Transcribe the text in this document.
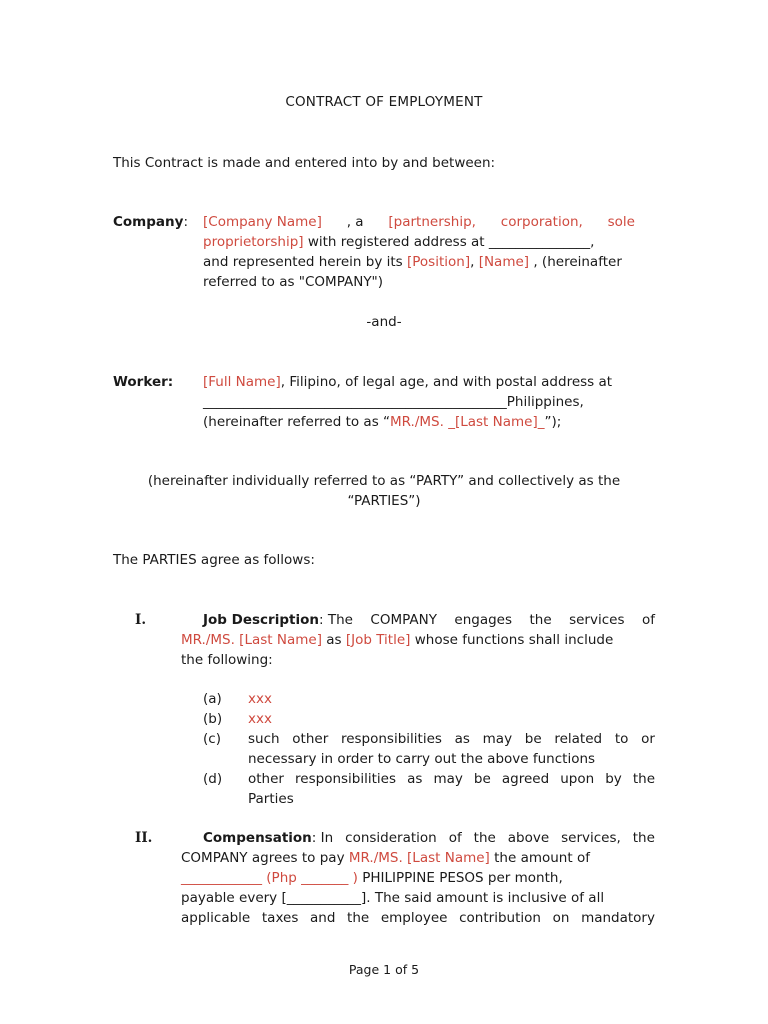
CONTRACT OF EMPLOYMENT
This Contract is made and entered into by and between:
Company: [Company Name] , a [partnership, corporation, sole
proprietorship] with registered address at _______________,
and represented herein by its [Position], [Name] , (hereinafter
referred to as "COMPANY")
-and-
Worker: [Full Name], Filipino, of legal age, and with postal address at
_____________________________________________Philippines,
(hereinafter referred to as “MR./MS. _[Last Name]_”);
(hereinafter individually referred to as “PARTY” and collectively as the
“PARTIES”)
The PARTIES agree as follows:
I.	Job Description: The COMPANY engages the services of
MR./MS. [Last Name] as [Job Title] whose functions shall include
the following:
(a) xxx
(b) xxx
(c) such other responsibilities as may be related to or
necessary in order to carry out the above functions
(d) other responsibilities as may be agreed upon by the
Parties
II.	Compensation: In consideration of the above services, the
COMPANY agrees to pay MR./MS. [Last Name] the amount of
____________ (Php _______ ) PHILIPPINE PESOS per month,
payable every [___________]. The said amount is inclusive of all
applicable taxes and the employee contribution on mandatory
Page 1 of 5
